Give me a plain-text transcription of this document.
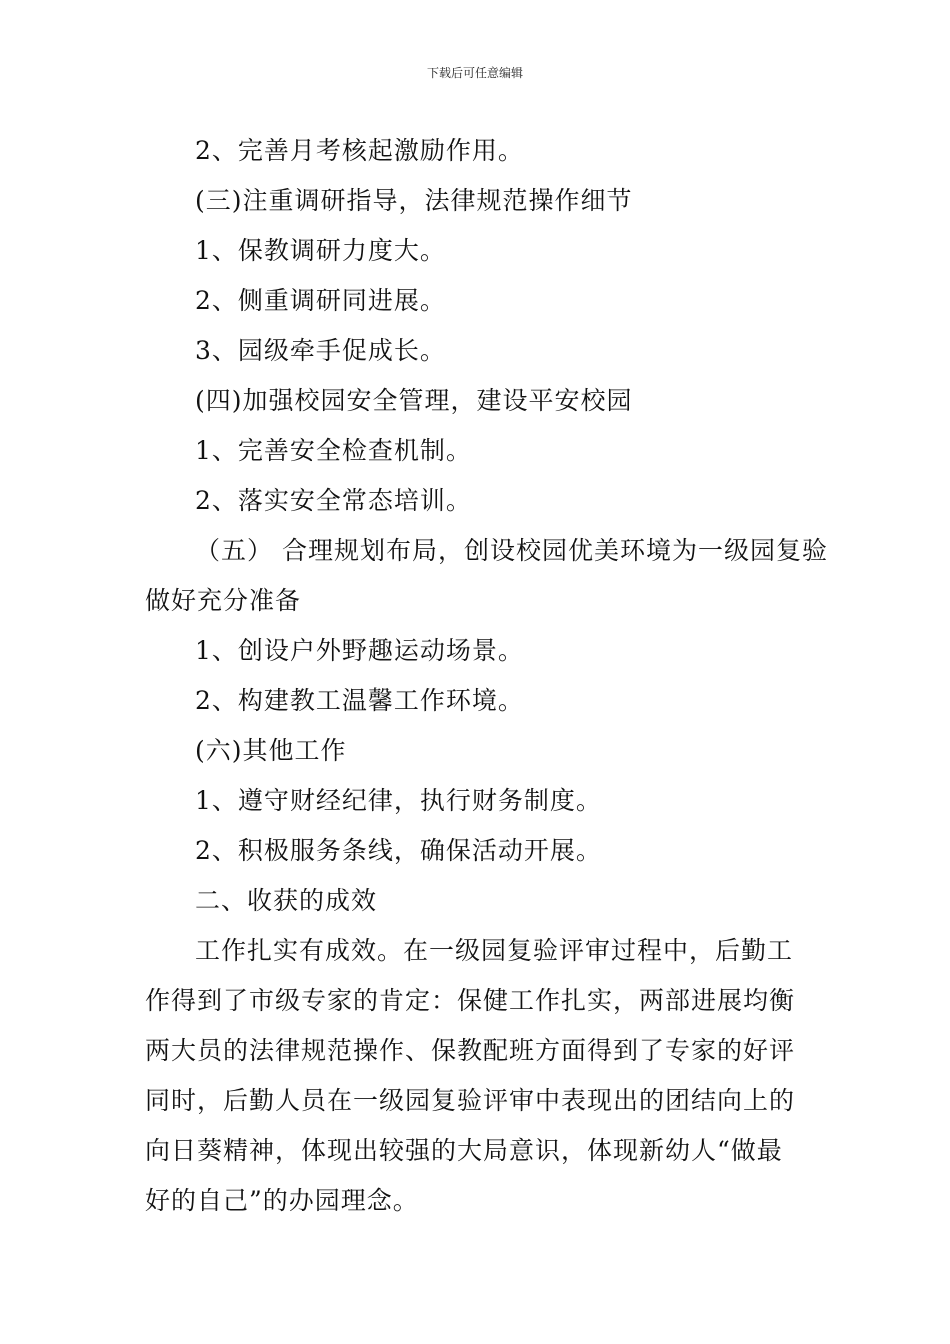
下载后可任意编辑
2、完善月考核起激励作用。
(三)注重调研指导，法律规范操作细节
1、保教调研力度大。
2、侧重调研同进展。
3、园级牵手促成长。
(四)加强校园安全管理，建设平安校园
1、完善安全检查机制。
2、落实安全常态培训。
（五） 合理规划布局，创设校园优美环境为一级园复验
做好充分准备
1、创设户外野趣运动场景。
2、构建教工温馨工作环境。
(六)其他工作
1、遵守财经纪律，执行财务制度。
2、积极服务条线，确保活动开展。
二、收获的成效
工作扎实有成效。在一级园复验评审过程中，后勤工
作得到了市级专家的肯定：保健工作扎实，两部进展均衡
两大员的法律规范操作、保教配班方面得到了专家的好评
同时，后勤人员在一级园复验评审中表现出的团结向上的
向日葵精神，体现出较强的大局意识，体现新幼人“做最
好的自己”的办园理念。
